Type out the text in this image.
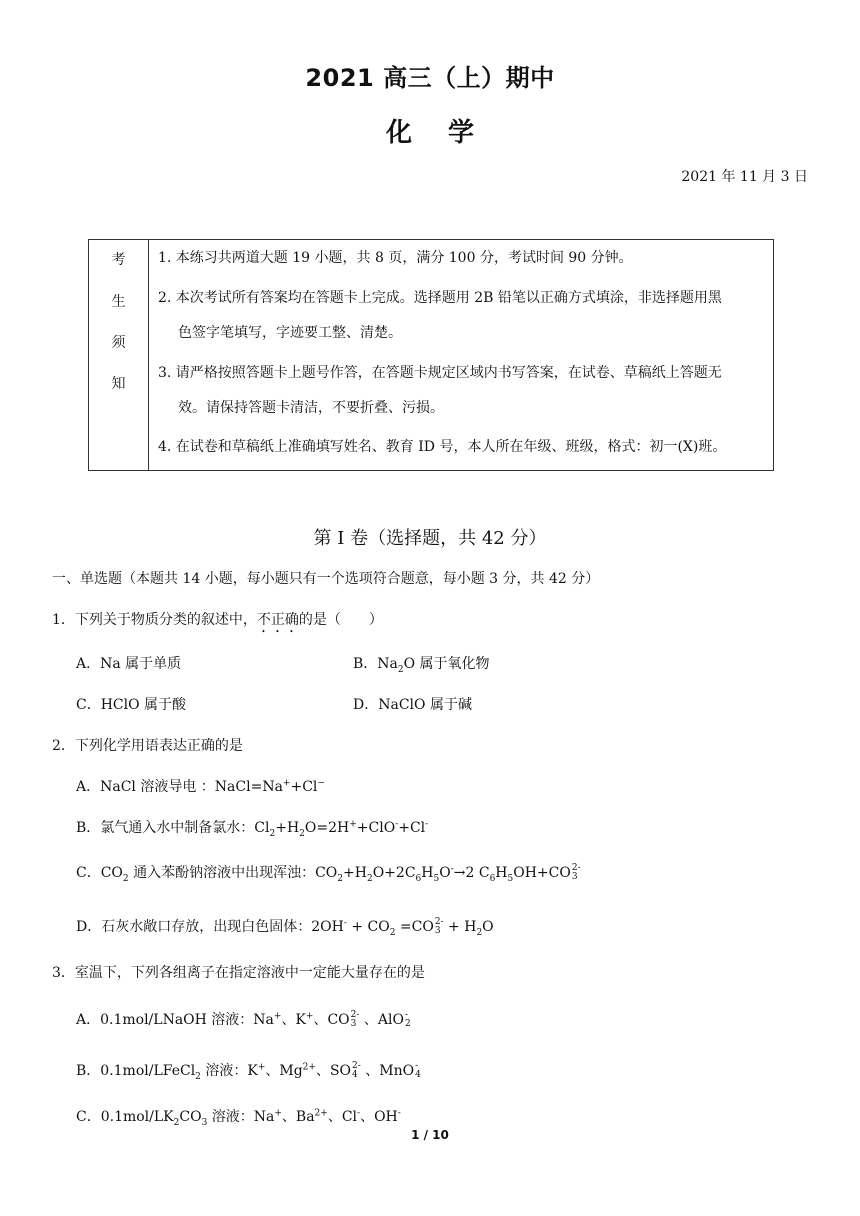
2021 高三（上）期中
化 学
2021 年 11 月 3 日
考
生
须
知
1. 本练习共两道大题 19 小题，共 8 页，满分 100 分，考试时间 90 分钟。
2. 本次考试所有答案均在答题卡上完成。选择题用 2B 铅笔以正确方式填涂，非选择题用黑
色签字笔填写，字迹要工整、清楚。
3. 请严格按照答题卡上题号作答，在答题卡规定区域内书写答案，在试卷、草稿纸上答题无
效。请保持答题卡清洁，不要折叠、污损。
4. 在试卷和草稿纸上准确填写姓名、教育 ID 号，本人所在年级、班级，格式：初一(X)班。
第 I 卷（选择题，共 42 分）
一、单选题（本题共 14 小题，每小题只有一个选项符合题意，每小题 3 分，共 42 分）
1．下列关于物质分类的叙述中，不正确的是（　　）
A．Na 属于单质	B．$Na_2O$ 属于氧化物
C．HClO 属于酸	D．NaClO 属于碱
2．下列化学用语表达正确的是
A．NaCl 溶液导电 ：NaCl=Na++Cl−
B．氯气通入水中制备氯水：$Cl_2+H_2O=2H^++ClO^-+Cl^-$
C．$CO_2$ 通入苯酚钠溶液中出现浑浊：$CO_2+H_2O+2C_6H_5O^-\to 2$ $C_6H_5OH+CO$ 2-
3
D．石灰水敞口存放，出现白色固体：$2OH^- + CO_2 =CO$ 2-
$3 + H_2O$
3．室温下，下列各组离子在指定溶液中一定能大量存在的是
A．0.1mol/LNaOH 溶液：Na+、K+、CO 2-
3 、AlO -
2
B．0.1mol/LFeCl$_2$ 溶液：K+、$Mg^{2+}$、SO 2-
4 、MnO -
4
C．$0.1mol/LK_2CO_3$ 溶液：Na+、$Ba^{2+}$、Cl-、OH-
1 / 10
